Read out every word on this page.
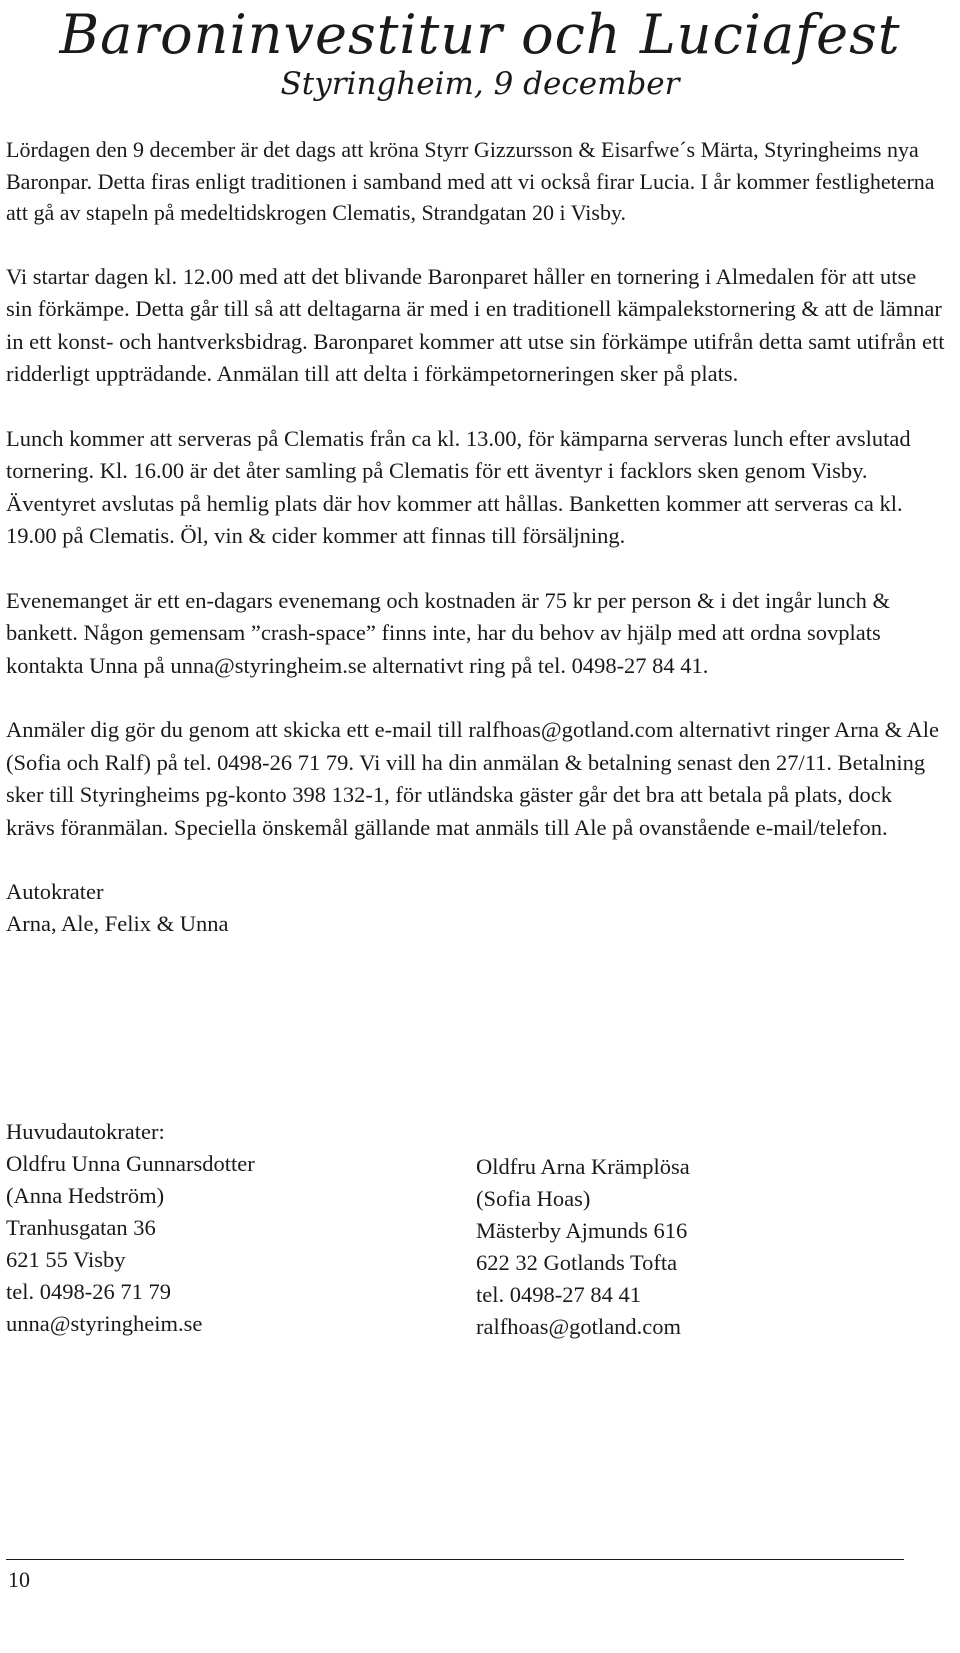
Baroninvestitur och Luciafest
Styringheim, 9 december

Lördagen den 9 december är det dags att kröna Styrr Gizzursson & Eisarfwe´s Märta, Styringheims nya Baronpar. Detta firas enligt traditionen i samband med att vi också firar Lucia. I år kommer festligheterna att gå av stapeln på medeltidskrogen Clematis, Strandgatan 20 i Visby.

Vi startar dagen kl. 12.00 med att det blivande Baronparet håller en tornering i Almedalen för att utse sin förkämpe. Detta går till så att deltagarna är med i en traditionell kämpalekstornering & att de lämnar in ett konst- och hantverksbidrag. Baronparet kommer att utse sin förkämpe utifrån detta samt utifrån ett ridderligt uppträdande. Anmälan till att delta i förkämpetorneringen sker på plats.

Lunch kommer att serveras på Clematis från ca kl. 13.00, för kämparna serveras lunch efter avslutad tornering. Kl. 16.00 är det åter samling på Clematis för ett äventyr i facklors sken genom Visby. Äventyret avslutas på hemlig plats där hov kommer att hållas. Banketten kommer att serveras ca kl. 19.00 på Clematis. Öl, vin & cider kommer att finnas till försäljning.

Evenemanget är ett en-dagars evenemang och kostnaden är 75 kr per person & i det ingår lunch & bankett. Någon gemensam ”crash-space” finns inte, har du behov av hjälp med att ordna sovplats kontakta Unna på unna@styringheim.se alternativt ring på tel. 0498-27 84 41.

Anmäler dig gör du genom att skicka ett e-mail till ralfhoas@gotland.com alternativt ringer Arna & Ale (Sofia och Ralf) på tel. 0498-26 71 79. Vi vill ha din anmälan & betalning senast den 27/11. Betalning sker till Styringheims pg-konto 398 132-1, för utländska gäster går det bra att betala på plats, dock krävs föranmälan. Speciella önskemål gällande mat anmäls till Ale på ovanstående e-mail/telefon.

Autokrater
Arna, Ale, Felix & Unna
Huvudautokrater:
Oldfru Unna Gunnarsdotter
(Anna Hedström)
Tranhusgatan 36
621 55 Visby
tel. 0498-26 71 79
unna@styringheim.se
Oldfru Arna Krämplösa
(Sofia Hoas)
Mästerby Ajmunds 616
622 32 Gotlands Tofta
tel. 0498-27 84 41
ralfhoas@gotland.com
10
